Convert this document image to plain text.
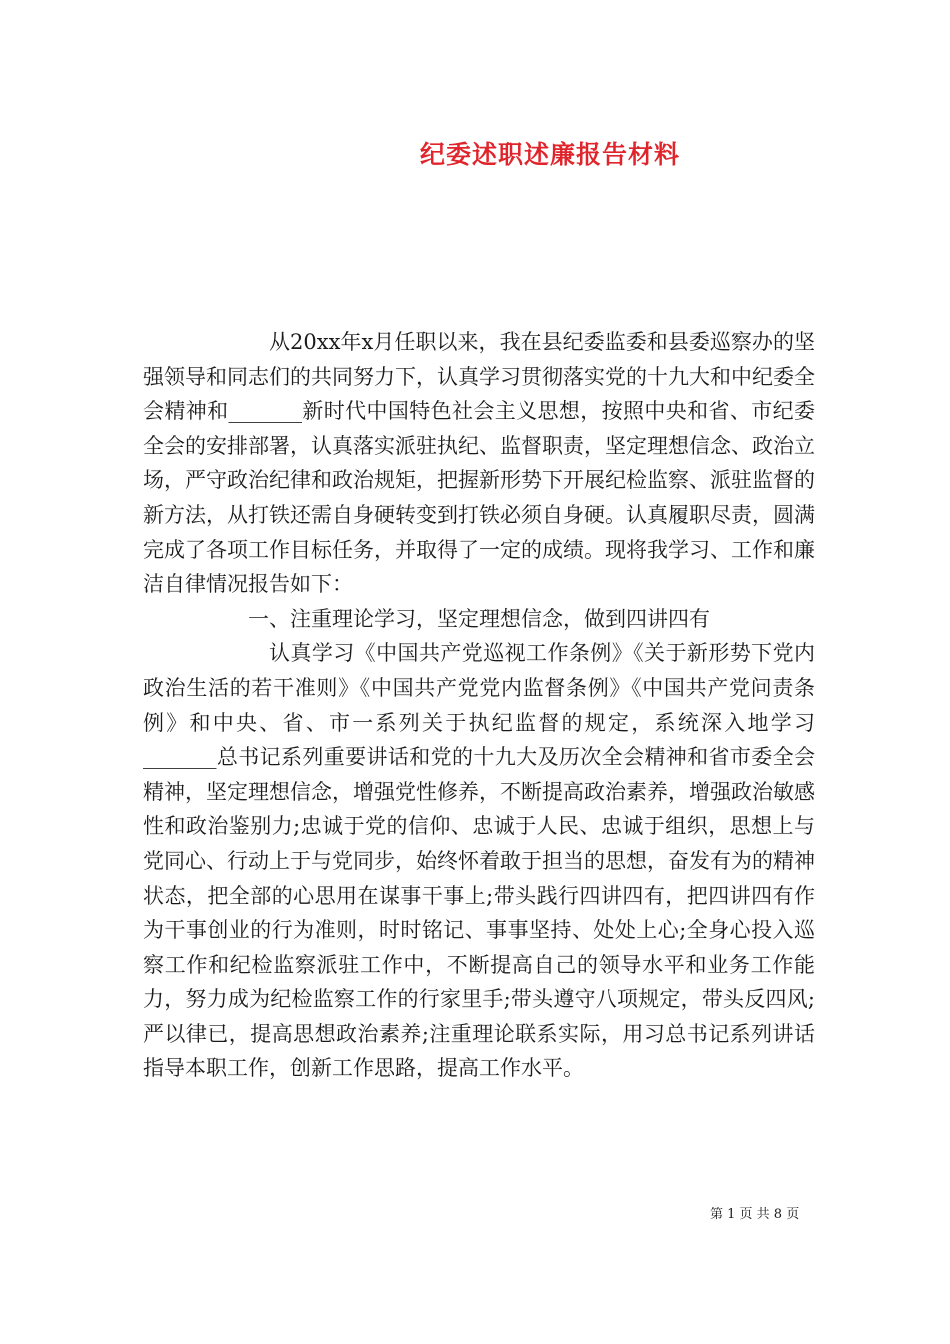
纪委述职述廉报告材料

从20xx年x月任职以来，我在县纪委监委和县委巡察办的坚强领导和同志们的共同努力下，认真学习贯彻落实党的十九大和中纪委全会精神和_______新时代中国特色社会主义思想，按照中央和省、市纪委全会的安排部署，认真落实派驻执纪、监督职责，坚定理想信念、政治立场，严守政治纪律和政治规矩，把握新形势下开展纪检监察、派驻监督的新方法，从打铁还需自身硬转变到打铁必须自身硬。认真履职尽责，圆满完成了各项工作目标任务，并取得了一定的成绩。现将我学习、工作和廉洁自律情况报告如下：

一、注重理论学习，坚定理想信念，做到四讲四有

认真学习《中国共产党巡视工作条例》《关于新形势下党内政治生活的若干准则》《中国共产党党内监督条例》《中国共产党问责条例》和中央、省、市一系列关于执纪监督的规定，系统深入地学习_______总书记系列重要讲话和党的十九大及历次全会精神和省市委全会精神，坚定理想信念，增强党性修养，不断提高政治素养，增强政治敏感性和政治鉴别力;忠诚于党的信仰、忠诚于人民、忠诚于组织，思想上与党同心、行动上于与党同步，始终怀着敢于担当的思想，奋发有为的精神状态，把全部的心思用在谋事干事上;带头践行四讲四有，把四讲四有作为干事创业的行为准则，时时铭记、事事坚持、处处上心;全身心投入巡察工作和纪检监察派驻工作中，不断提高自己的领导水平和业务工作能力，努力成为纪检监察工作的行家里手;带头遵守八项规定，带头反四风;严以律已，提高思想政治素养;注重理论联系实际，用习总书记系列讲话指导本职工作，创新工作思路，提高工作水平。

第 1 页 共 8 页
